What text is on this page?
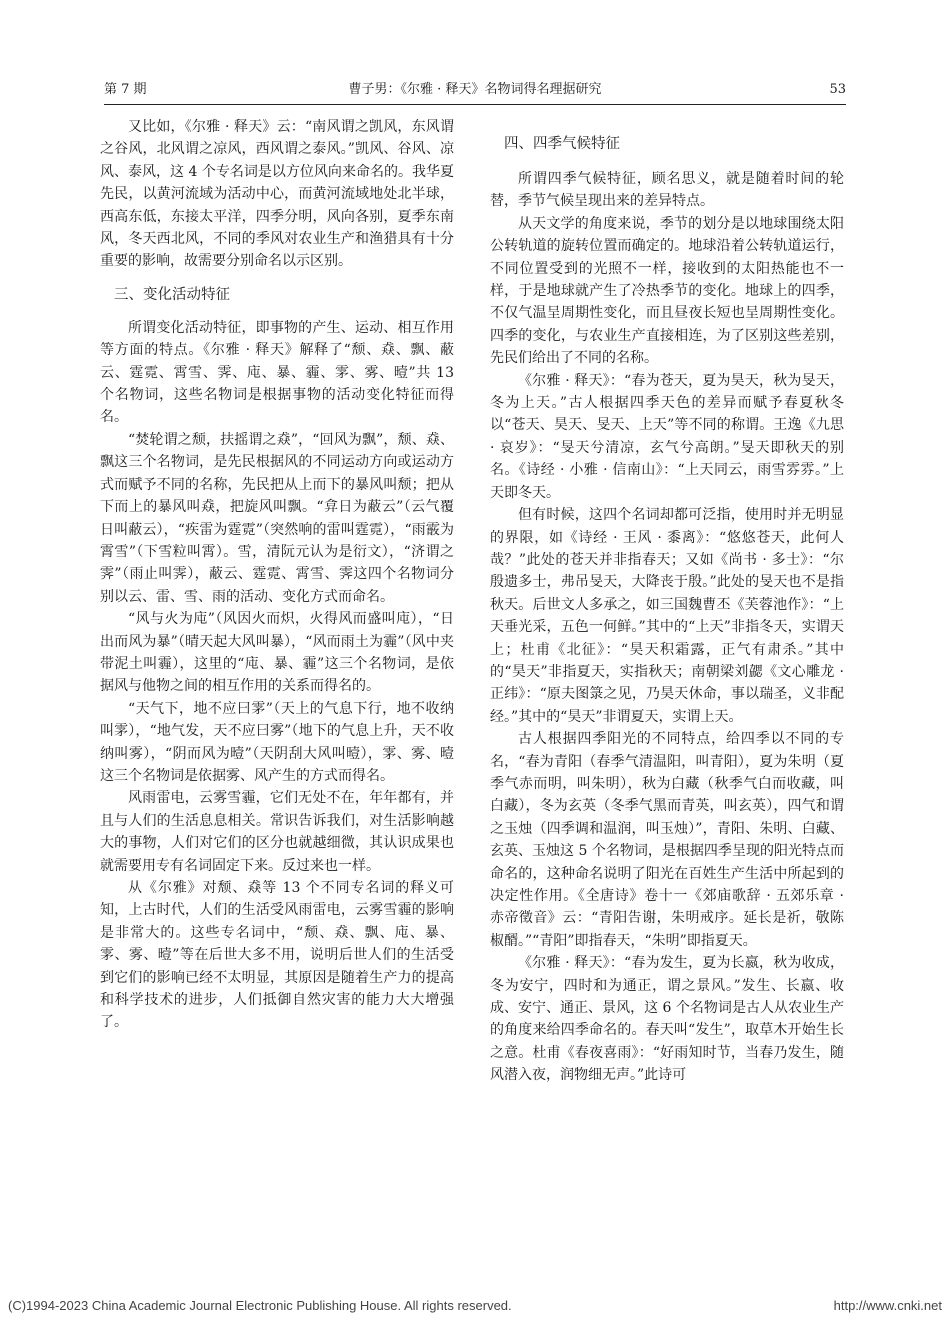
第 7 期	曹子男：《尔雅 · 释天》名物词得名理据研究	53

又比如，《尔雅 · 释天》云：“南风谓之凯风，东风谓之谷风，北风谓之凉风，西风谓之泰风。”凯风、谷风、凉风、泰风，这 4 个专名词是以方位风向来命名的。我华夏先民，以黄河流域为活动中心，而黄河流域地处北半球，西高东低，东接太平洋，四季分明，风向各别，夏季东南风，冬天西北风，不同的季风对农业生产和渔猎具有十分重要的影响，故需要分别命名以示区别。

三、变化活动特征

所谓变化活动特征，即事物的产生、运动、相互作用等方面的特点。《尔雅 · 释天》解释了“颓、猋、飘、蔽云、霆霓、霄雪、霁、庉、暴、霾、雺、雾、曀”共 13 个名物词，这些名物词是根据事物的活动变化特征而得名。

“焚轮谓之颓，扶摇谓之猋”，“回风为飘”，颓、猋、飘这三个名物词，是先民根据风的不同运动方向或运动方式而赋予不同的名称，先民把从上而下的暴风叫颓；把从下而上的暴风叫猋，把旋风叫飘。“弇日为蔽云”（云气覆日叫蔽云），“疾雷为霆霓”（突然响的雷叫霆霓），“雨霰为霄雪”（下雪粒叫霄）。雪，清阮元认为是衍文），“济谓之霁”（雨止叫霁），蔽云、霆霓、霄雪、霁这四个名物词分别以云、雷、雪、雨的活动、变化方式而命名。

“风与火为庉”（风因火而炽，火得风而盛叫庉），“日出而风为暴”（晴天起大风叫暴），“风而雨土为霾”（风中夹带泥土叫霾），这里的“庉、暴、霾”这三个名物词，是依据风与他物之间的相互作用的关系而得名的。

“天气下，地不应曰雺”（天上的气息下行，地不收纳叫雺），“地气发，天不应曰雾”（地下的气息上升，天不收纳叫雾），“阴而风为曀”（天阴刮大风叫曀），雺、雾、曀这三个名物词是依据雾、风产生的方式而得名。

风雨雷电，云雾雪霾，它们无处不在，年年都有，并且与人们的生活息息相关。常识告诉我们，对生活影响越大的事物，人们对它们的区分也就越细微，其认识成果也就需要用专有名词固定下来。反过来也一样。

从《尔雅》对颓、猋等 13 个不同专名词的释义可知，上古时代，人们的生活受风雨雷电，云雾雪霾的影响是非常大的。这些专名词中，“颓、猋、飘、庉、暴、雺、雾、曀”等在后世大多不用，说明后世人们的生活受到它们的影响已经不太明显，其原因是随着生产力的提高和科学技术的进步，人们抵御自然灾害的能力大大增强了。

四、四季气候特征

所谓四季气候特征，顾名思义，就是随着时间的轮替，季节气候呈现出来的差异特点。

从天文学的角度来说，季节的划分是以地球围绕太阳公转轨道的旋转位置而确定的。地球沿着公转轨道运行，不同位置受到的光照不一样，接收到的太阳热能也不一样，于是地球就产生了冷热季节的变化。地球上的四季，不仅气温呈周期性变化，而且昼夜长短也呈周期性变化。四季的变化，与农业生产直接相连，为了区别这些差别，先民们给出了不同的名称。

《尔雅 · 释天》：“春为苍天，夏为昊天，秋为旻天，冬为上天。”古人根据四季天色的差异而赋予春夏秋冬以“苍天、昊天、旻天、上天”等不同的称谓。王逸《九思 · 哀岁》：“旻天兮清凉，玄气兮高朗。”旻天即秋天的别名。《诗经 · 小雅 · 信南山》：“上天同云，雨雪雰雰。”上天即冬天。

但有时候，这四个名词却都可泛指，使用时并无明显的界限，如《诗经 · 王风 · 黍离》：“悠悠苍天，此何人哉？”此处的苍天并非指春天；又如《尚书 · 多士》：“尔殷遗多士，弗吊旻天，大降丧于殷。”此处的旻天也不是指秋天。后世文人多承之，如三国魏曹丕《芙蓉池作》：“上天垂光采，五色一何鲜。”其中的“上天”非指冬天，实谓天上；杜甫《北征》：“昊天积霜露，正气有肃杀。”其中的“昊天”非指夏天，实指秋天；南朝梁刘勰《文心雕龙 · 正纬》：“原夫图箓之见，乃昊天休命，事以瑞圣，义非配经。”其中的“昊天”非谓夏天，实谓上天。

古人根据四季阳光的不同特点，给四季以不同的专名，“春为青阳（春季气清温阳，叫青阳），夏为朱明（夏季气赤而明，叫朱明），秋为白藏（秋季气白而收藏，叫白藏），冬为玄英（冬季气黑而青英，叫玄英），四气和谓之玉烛（四季调和温润，叫玉烛）”，青阳、朱明、白藏、玄英、玉烛这 5 个名物词，是根据四季呈现的阳光特点而命名的，这种命名说明了阳光在百姓生产生活中所起到的决定性作用。《全唐诗》卷十一《郊庙歌辞 · 五郊乐章 · 赤帝徵音》云：“青阳告谢，朱明戒序。延长是祈，敬陈椒醑。”“青阳”即指春天，“朱明”即指夏天。

《尔雅 · 释天》：“春为发生，夏为长嬴，秋为收成，冬为安宁，四时和为通正，谓之景风。”发生、长嬴、收成、安宁、通正、景风，这 6 个名物词是古人从农业生产的角度来给四季命名的。春天叫“发生”，取草木开始生长之意。杜甫《春夜喜雨》：“好雨知时节，当春乃发生，随风潜入夜，润物细无声。”此诗可

(C)1994-2023 China Academic Journal Electronic Publishing House. All rights reserved.	http://www.cnki.net
